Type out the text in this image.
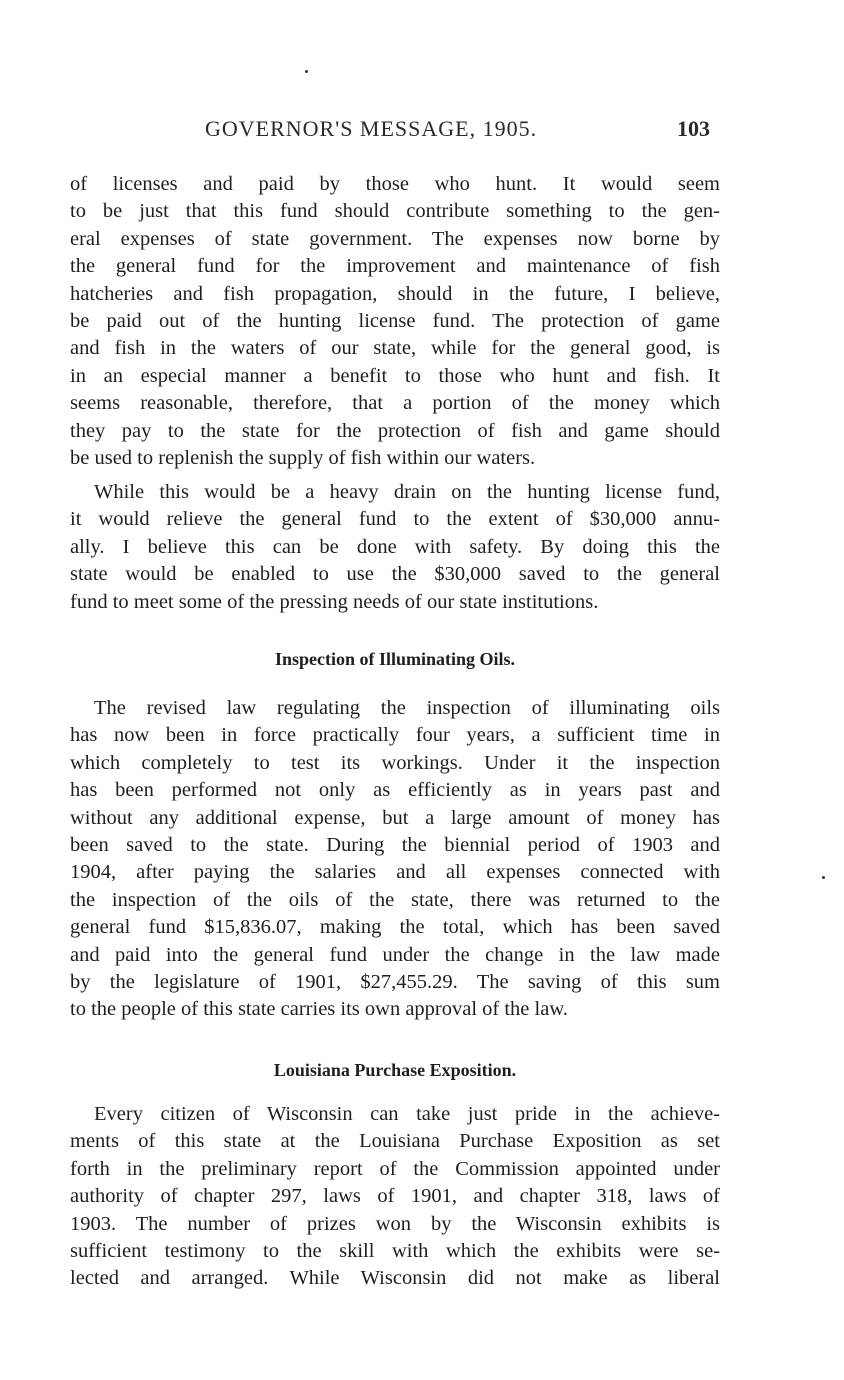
GOVERNOR'S MESSAGE, 1905.	103

of licenses and paid by those who hunt. It would seem
to be just that this fund should contribute something to the gen-
eral expenses of state government. The expenses now borne by
the general fund for the improvement and maintenance of fish
hatcheries and fish propagation, should in the future, I believe,
be paid out of the hunting license fund. The protection of game
and fish in the waters of our state, while for the general good, is
in an especial manner a benefit to those who hunt and fish. It
seems reasonable, therefore, that a portion of the money which
they pay to the state for the protection of fish and game should
be used to replenish the supply of fish within our waters.

While this would be a heavy drain on the hunting license fund,
it would relieve the general fund to the extent of $30,000 annu-
ally. I believe this can be done with safety. By doing this the
state would be enabled to use the $30,000 saved to the general
fund to meet some of the pressing needs of our state institutions.

Inspection of Illuminating Oils.

The revised law regulating the inspection of illuminating oils
has now been in force practically four years, a sufficient time in
which completely to test its workings. Under it the inspection
has been performed not only as efficiently as in years past and
without any additional expense, but a large amount of money has
been saved to the state. During the biennial period of 1903 and
1904, after paying the salaries and all expenses connected with
the inspection of the oils of the state, there was returned to the
general fund $15,836.07, making the total, which has been saved
and paid into the general fund under the change in the law made
by the legislature of 1901, $27,455.29. The saving of this sum
to the people of this state carries its own approval of the law.

Louisiana Purchase Exposition.

Every citizen of Wisconsin can take just pride in the achieve-
ments of this state at the Louisiana Purchase Exposition as set
forth in the preliminary report of the Commission appointed under
authority of chapter 297, laws of 1901, and chapter 318, laws of
1903. The number of prizes won by the Wisconsin exhibits is
sufficient testimony to the skill with which the exhibits were se-
lected and arranged. While Wisconsin did not make as liberal
